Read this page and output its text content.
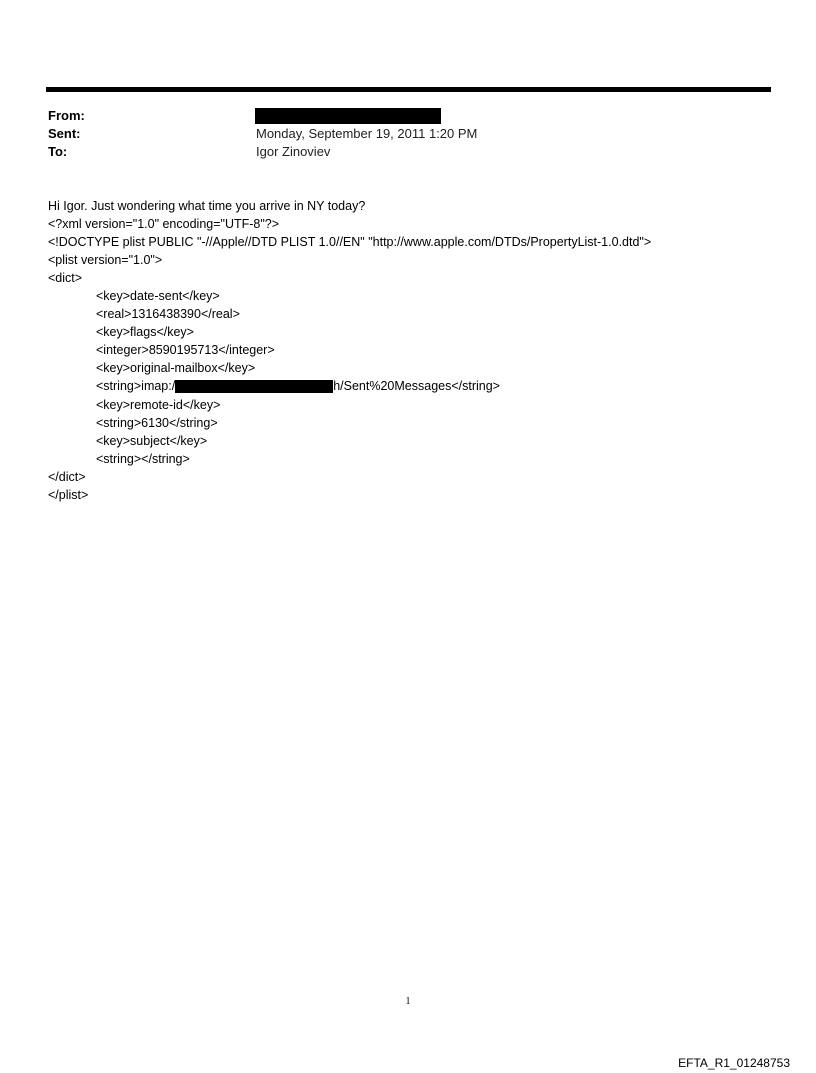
From:
Sent:	Monday, September 19, 2011 1:20 PM
To:	Igor Zinoviev
Hi Igor. Just wondering what time you arrive in NY today?
<?xml version="1.0" encoding="UTF-8"?>
<!DOCTYPE plist PUBLIC "-//Apple//DTD PLIST 1.0//EN" "http://www.apple.com/DTDs/PropertyList-1.0.dtd">
<plist version="1.0">
<dict>
<key>date-sent</key>
<real>1316438390</real>
<key>flags</key>
<integer>8590195713</integer>
<key>original-mailbox</key>
<string>imap:/	h/Sent%20Messages</string>
<key>remote-id</key>
<string>6130</string>
<key>subject</key>
<string></string>
</dict>
</plist>
1
EFTA_R1_01248753
